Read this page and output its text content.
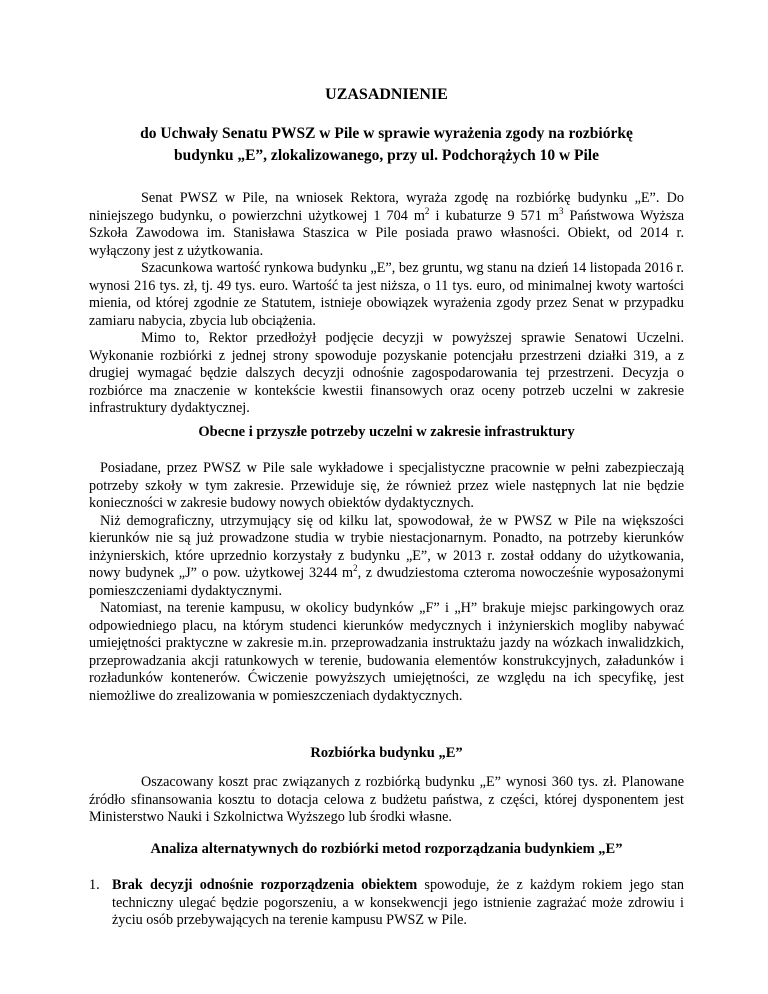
UZASADNIENIE
do Uchwały Senatu PWSZ w Pile w sprawie wyrażenia zgody na rozbiórkę
budynku „E”, zlokalizowanego, przy ul. Podchorążych 10 w Pile

Senat PWSZ w Pile, na wniosek Rektora, wyraża zgodę na rozbiórkę budynku „E”. Do niniejszego budynku, o powierzchni użytkowej 1 704 $m^2$ i kubaturze 9 571 $m^3$ Państwowa Wyższa Szkoła Zawodowa im. Stanisława Staszica w Pile posiada prawo własności. Obiekt, od 2014 r. wyłączony jest z użytkowania.

Szacunkowa wartość rynkowa budynku „E”, bez gruntu, wg stanu na dzień 14 listopada 2016 r. wynosi 216 tys. zł, tj. 49 tys. euro. Wartość ta jest niższa, o 11 tys. euro, od minimalnej kwoty wartości mienia, od której zgodnie ze Statutem, istnieje obowiązek wyrażenia zgody przez Senat w przypadku zamiaru nabycia, zbycia lub obciążenia.

Mimo to, Rektor przedłożył podjęcie decyzji w powyższej sprawie Senatowi Uczelni. Wykonanie rozbiórki z jednej strony spowoduje pozyskanie potencjału przestrzeni działki 319, a z drugiej wymagać będzie dalszych decyzji odnośnie zagospodarowania tej przestrzeni. Decyzja o rozbiórce ma znaczenie w kontekście kwestii finansowych oraz oceny potrzeb uczelni w zakresie infrastruktury dydaktycznej.

Obecne i przyszłe potrzeby uczelni w zakresie infrastruktury

Posiadane, przez PWSZ w Pile sale wykładowe i specjalistyczne pracownie w pełni zabezpieczają potrzeby szkoły w tym zakresie. Przewiduje się, że również przez wiele następnych lat nie będzie konieczności w zakresie budowy nowych obiektów dydaktycznych.

Niż demograficzny, utrzymujący się od kilku lat, spowodował, że w PWSZ w Pile na większości kierunków nie są już prowadzone studia w trybie niestacjonarnym. Ponadto, na potrzeby kierunków inżynierskich, które uprzednio korzystały z budynku „E”, w 2013 r. został oddany do użytkowania, nowy budynek „J” o pow. użytkowej 3244 $m^2$, z dwudziestoma czteroma nowocześnie wyposażonymi pomieszczeniami dydaktycznymi.

Natomiast, na terenie kampusu, w okolicy budynków „F” i „H” brakuje miejsc parkingowych oraz odpowiedniego placu, na którym studenci kierunków medycznych i inżynierskich mogliby nabywać umiejętności praktyczne w zakresie m.in. przeprowadzania instruktażu jazdy na wózkach inwalidzkich, przeprowadzania akcji ratunkowych w terenie, budowania elementów konstrukcyjnych, załadunków i rozładunków kontenerów. Ćwiczenie powyższych umiejętności, ze względu na ich specyfikę, jest niemożliwe do zrealizowania w pomieszczeniach dydaktycznych.

Rozbiórka budynku „E”

Oszacowany koszt prac związanych z rozbiórką budynku „E” wynosi 360 tys. zł. Planowane źródło sfinansowania kosztu to dotacja celowa z budżetu państwa, z części, której dysponentem jest Ministerstwo Nauki i Szkolnictwa Wyższego lub środki własne.

Analiza alternatywnych do rozbiórki metod rozporządzania budynkiem „E”
1. Brak decyzji odnośnie rozporządzenia obiektem spowoduje, że z każdym rokiem jego stan techniczny ulegać będzie pogorszeniu, a w konsekwencji jego istnienie zagrażać może zdrowiu i życiu osób przebywających na terenie kampusu PWSZ w Pile.
